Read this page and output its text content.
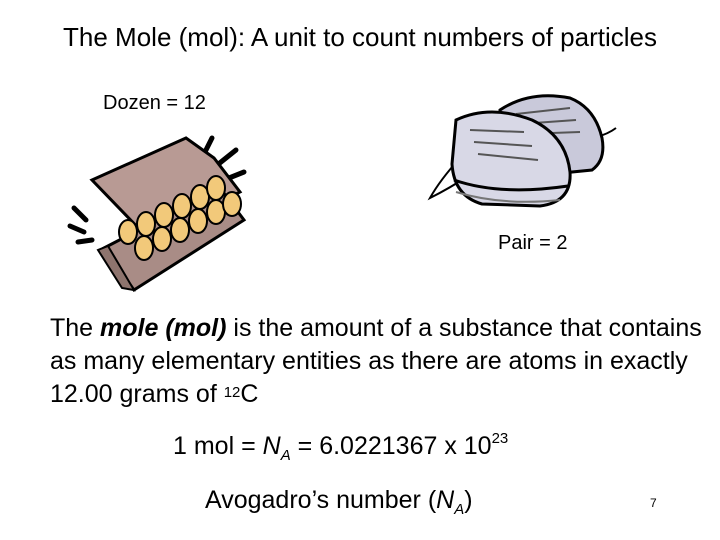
The Mole (mol): A unit to count numbers of particles
Dozen = 12
Pair = 2
The mole (mol) is the amount of a substance that contains as many elementary entities as there are atoms in exactly 12.00 grams of $^{12}$C
1 mol = $N_A = 6.0221367$ x $10^{23}$
Avogadro’s number $(N_A)$	7
